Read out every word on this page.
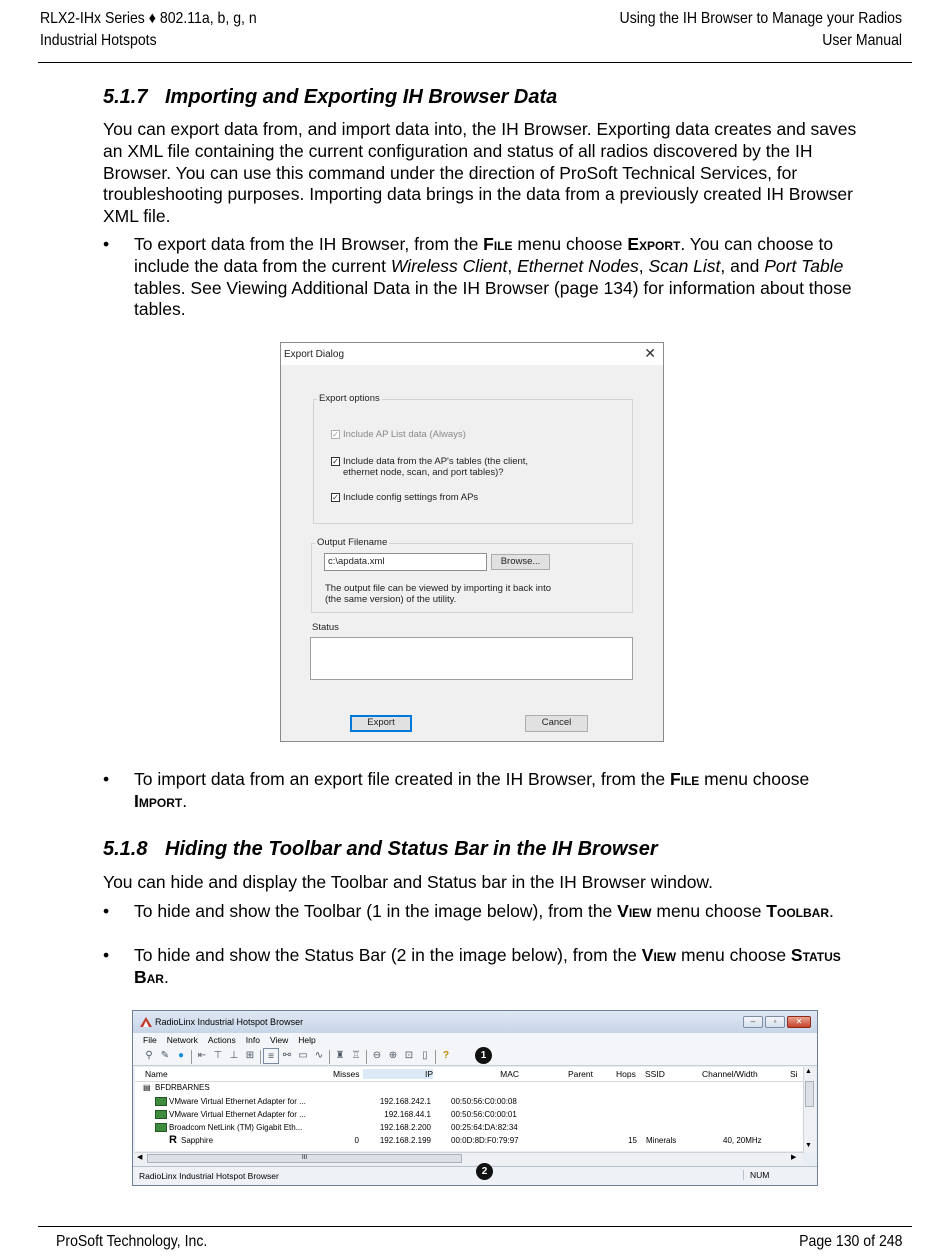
RLX2-IHx Series ♦ 802.11a, b, g, n
Industrial Hotspots
Using the IH Browser to Manage your Radios
User Manual
5.1.7 Importing and Exporting IH Browser Data
You can export data from, and import data into, the IH Browser. Exporting data creates and saves an XML file containing the current configuration and status of all radios discovered by the IH Browser. You can use this command under the direction of ProSoft Technical Services, for troubleshooting purposes. Importing data brings in the data from a previously created IH Browser XML file.
• To export data from the IH Browser, from the File menu choose Export. You can choose to include the data from the current Wireless Client, Ethernet Nodes, Scan List, and Port Table tables. See Viewing Additional Data in the IH Browser (page 134) for information about those tables.
Export Dialog	✕
Export options
✓ Include AP List data (Always)
✓ Include data from the AP's tables (the client,
ethernet node, scan, and port tables)?
✓ Include config settings from APs
Output Filename
c:\apdata.xml	Browse...
The output file can be viewed by importing it back into
(the same version) of the utility.
Status
Export	Cancel
• To import data from an export file created in the IH Browser, from the File menu choose Import.
5.1.8 Hiding the Toolbar and Status Bar in the IH Browser
You can hide and display the Toolbar and Status bar in the IH Browser window.
• To hide and show the Toolbar (1 in the image below), from the View menu choose Toolbar.
• To hide and show the Status Bar (2 in the image below), from the View menu choose Status Bar.
RadioLinx Industrial Hotspot Browser	–	▫	✕
File Network Actions Info View Help
⚲ ✎ ● ⇤ ⊤ ⊥ ⊞ ≡ ⚯ ▭ ∿ ♜ ♖ ⊖ ⊕ ⊡ ▯ ?	1
Name	Misses	IP	MAC	Parent	Hops SSID	Channel/Width	Si
▤ BFDRBARNES
VMware Virtual Ethernet Adapter for ...	192.168.242.1	00:50:56:C0:00:08
VMware Virtual Ethernet Adapter for ...	192.168.44.1	00:50:56:C0:00:01
Broadcom NetLink (TM) Gigabit Eth...	192.168.2.200	00:25:64:DA:82:34
R Sapphire	0	192.168.2.199	00:0D:8D:F0:79:97	15 Minerals	40, 20MHz
▲
▼
◀	III	▶
RadioLinx Industrial Hotspot Browser	NUM
2
ProSoft Technology, Inc.	Page 130 of 248
